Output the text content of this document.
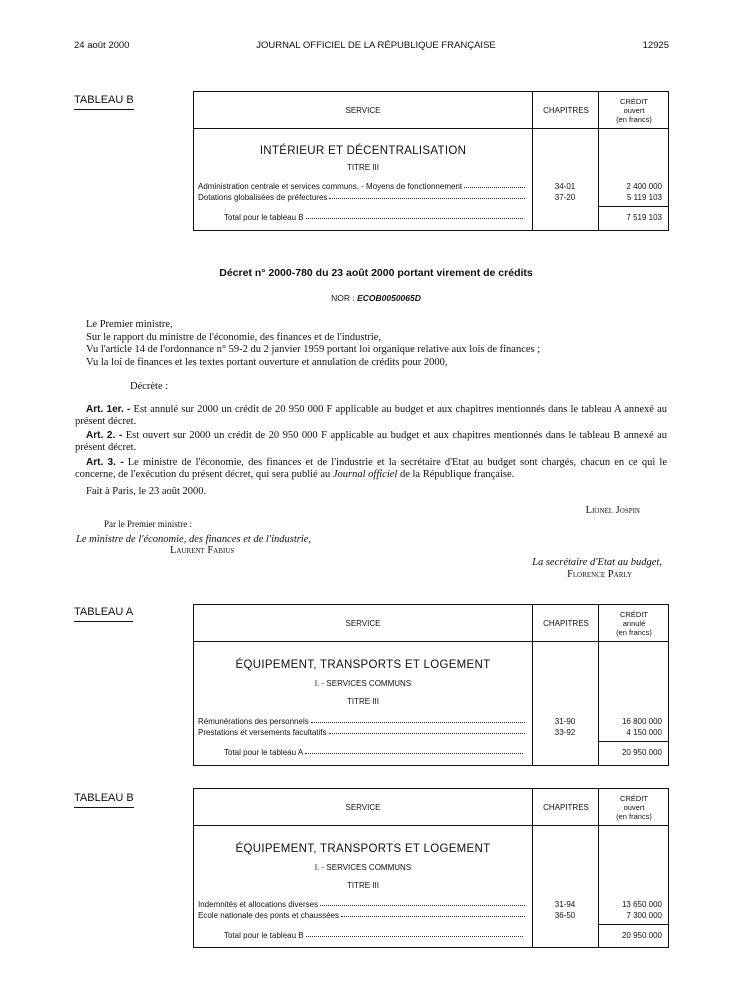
24 août 2000	JOURNAL OFFICIEL DE LA RÉPUBLIQUE FRANÇAISE	12925
TABLEAU B
SERVICE	CHAPITRES
CRÉDIT
ouvert
(en francs)
INTÉRIEUR ET DÉCENTRALISATION
TITRE III
Administration centrale et services communs. - Moyens de fonctionnement	34-01	2 400 000
Dotations globalisées de préfectures	37-20	5 119 103
Total pour le tableau B	7 519 103
Décret n° 2000-780 du 23 août 2000 portant virement de crédits
NOR : ECOB0050065D
Le Premier ministre,
Sur le rapport du ministre de l'économie, des finances et de l'industrie,
Vu l'article 14 de l'ordonnance n° 59-2 du 2 janvier 1959 portant loi organique relative aux lois de finances ;
Vu la loi de finances et les textes portant ouverture et annulation de crédits pour 2000,
Décrète :
Art. 1er. - Est annulé sur 2000 un crédit de 20 950 000 F applicable au budget et aux chapitres mentionnés dans le tableau A annexé au présent décret.
Art. 2. - Est ouvert sur 2000 un crédit de 20 950 000 F applicable au budget et aux chapitres mentionnés dans le tableau B annexé au présent décret.
Art. 3. - Le ministre de l'économie, des finances et de l'industrie et la secrétaire d'Etat au budget sont chargés, chacun en ce qui le concerne, de l'exécution du présent décret, qui sera publié au Journal officiel de la République française.
Fait à Paris, le 23 août 2000.
Lionel Jospin
Par le Premier ministre :
Le ministre de l'économie, des finances et de l'industrie,
Laurent Fabius
La secrétaire d'Etat au budget,
Florence Parly
TABLEAU A
SERVICE	CHAPITRES
CRÉDIT
annulé
(en francs)
ÉQUIPEMENT, TRANSPORTS ET LOGEMENT
I. - SERVICES COMMUNS
TITRE III
Rémunérations des personnels	31-90	16 800 000
Prestations et versements facultatifs	33-92	4 150 000
Total pour le tableau A	20 950 000
TABLEAU B
SERVICE	CHAPITRES
CRÉDIT
ouvert
(en francs)
ÉQUIPEMENT, TRANSPORTS ET LOGEMENT
I. - SERVICES COMMUNS
TITRE III
Indemnités et allocations diverses	31-94	13 650 000
Ecole nationale des ponts et chaussées	36-50	7 300 000
Total pour le tableau B	20 950 000
